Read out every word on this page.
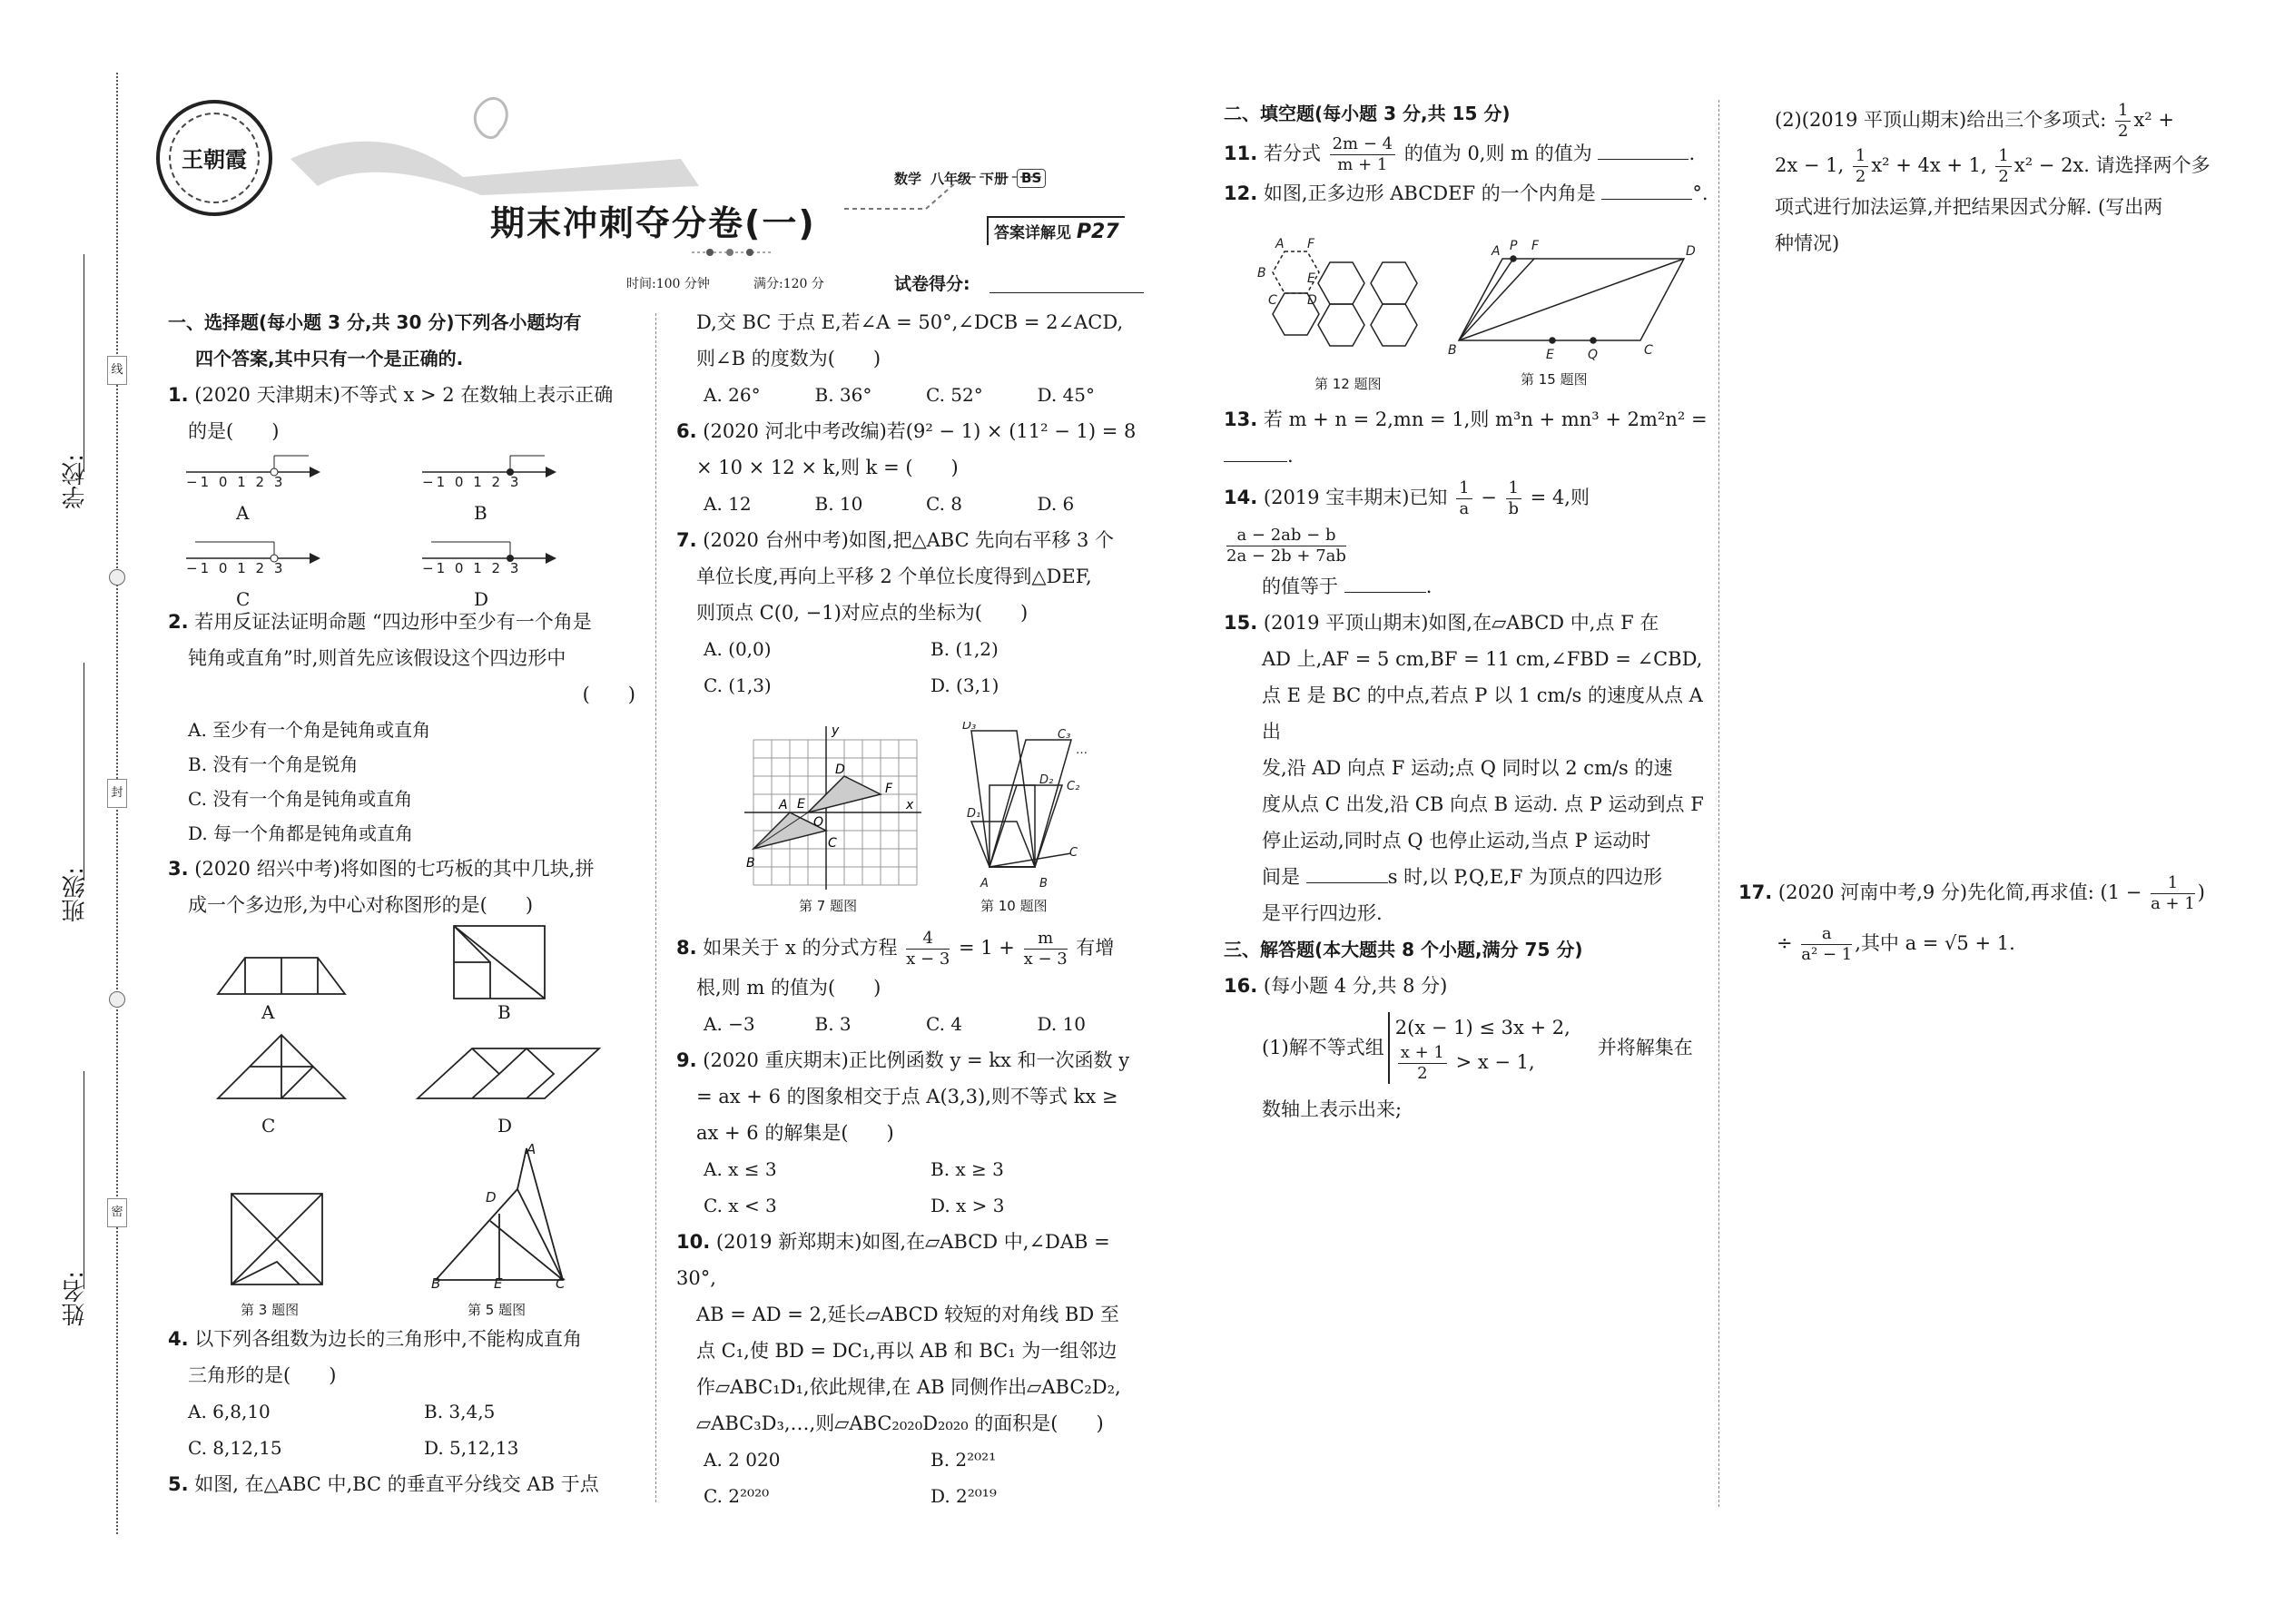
学校:
班级:
姓名:
线
封
密
王朝霞
期末冲刺夺分卷(一)
数学 八年级 下册	BS
答案详解见 P27
时间:100 分钟	满分:120 分	试卷得分:
一、选择题(每小题 3 分,共 30 分)下列各小题均有
四个答案,其中只有一个是正确的.
1. (2020 天津期末)不等式 x > 2 在数轴上表示正确
的是(　　)
−1 0 1 2 3	−1 0 1 2 3
−1 0 1 2 3	−1 0 1 2 3
A	B
C	D
2. 若用反证法证明命题 “四边形中至少有一个角是
钝角或直角”时,则首先应该假设这个四边形中
(　　)
A. 至少有一个角是钝角或直角
B. 没有一个角是锐角
C. 没有一个角是钝角或直角
D. 每一个角都是钝角或直角
3. (2020 绍兴中考)将如图的七巧板的其中几块,拼
成一个多边形,为中心对称图形的是(　　)
A	B
C	D
A
D
B	E	C
第 3 题图	第 5 题图
4. 以下列各组数为边长的三角形中,不能构成直角
三角形的是(　　)
A. 6,8,10	B. 3,4,5
C. 8,12,15	D. 5,12,13
5. 如图, 在△ABC 中,BC 的垂直平分线交 AB 于点
D,交 BC 于点 E,若∠A = 50°,∠DCB = 2∠ACD,
则∠B 的度数为(　　)
A. 26°	B. 36°	C. 52°	D. 45°
6. (2020 河北中考改编)若(9² − 1) × (11² − 1) = 8
× 10 × 12 × k,则 k = (　　)
A. 12	B. 10	C. 8	D. 6
7. (2020 台州中考)如图,把△ABC 先向右平移 3 个
单位长度,再向上平移 2 个单位长度得到△DEF,
则顶点 C(0, −1)对应点的坐标为(　　)
A. (0,0)	B. (1,2)
C. (1,3)	D. (3,1)
y
x
B
A
C
D
F
E
O
D₁
D₃
C₃
…
D₂ C₂
A	B
C
第 7 题图	第 10 题图
8. 如果关于 x 的分式方程 $\frac{4}{x - 3} = 1 + \frac{m}{x - 3}$ 有增
根,则 m 的值为(　　)
A. −3	B. 3	C. 4	D. 10
9. (2020 重庆期末)正比例函数 y = kx 和一次函数 y
= ax + 6 的图象相交于点 A(3,3),则不等式 kx ≥
ax + 6 的解集是(　　)
A. x ≤ 3	B. x ≥ 3
C. x < 3	D. x > 3
10. (2019 新郑期末)如图,在▱ABCD 中,∠DAB = 30°,
AB = AD = 2,延长▱ABCD 较短的对角线 BD 至
点 C₁,使 BD = DC₁,再以 AB 和 BC₁ 为一组邻边
作▱ABC₁D₁,依此规律,在 AB 同侧作出▱ABC₂D₂,
▱ABC₃D₃,…,则▱ABC₂₀₂₀D₂₀₂₀ 的面积是(　　)
A. 2 020	B. 2²⁰²¹
C. 2²⁰²⁰	D. 2²⁰¹⁹
二、填空题(每小题 3 分,共 15 分)
11. 若分式 $\frac{2m - 4}{m + 1}$ 的值为 0,则 m 的值为	.
12. 如图,正多边形 ABCDEF 的一个内角是	°.
A F
B	E
C D
A P F	D
B	E	Q	C
第 12 题图	第 15 题图
13. 若 m + n = 2,mn = 1,则 m³n + mn³ + 2m²n² = .
14. (2019 宝丰期末)已知 $\frac{1}{a} - \frac{1}{b} = 4$,则
$\frac{a - 2ab - b}{2a - 2b + 7ab}$
的值等于	.
15. (2019 平顶山期末)如图,在▱ABCD 中,点 F 在
AD 上,AF = 5 cm,BF = 11 cm,∠FBD = ∠CBD,
点 E 是 BC 的中点,若点 P 以 1 cm/s 的速度从点 A 出
发,沿 AD 向点 F 运动;点 Q 同时以 2 cm/s 的速
度从点 C 出发,沿 CB 向点 B 运动. 点 P 运动到点 F
停止运动,同时点 Q 也停止运动,当点 P 运动时
间是	s 时,以 P,Q,E,F 为顶点的四边形
是平行四边形.
三、解答题(本大题共 8 个小题,满分 75 分)
16. (每小题 4 分,共 8 分)
(1)解不等式组
2(x − 1) ≤ 3x + 2,
$\frac{x + 1}{2} > x - 1$,
并将解集在
数轴上表示出来;
(2)(2019 平顶山期末)给出三个多项式: $\frac{1}{2} x^2$ +
2x − 1, $\frac{1}{2} x^2 + 4x + 1$, $\frac{1}{2} x^2 - 2x$. 请选择两个多
项式进行加法运算,并把结果因式分解. (写出两
种情况)
17. (2020 河南中考,9 分)先化简,再求值: ($1 - \frac{1}{a + 1}$ )
÷ $\frac{a}{\text{a² − 1}}$ ,其中 a = √5 + 1.
